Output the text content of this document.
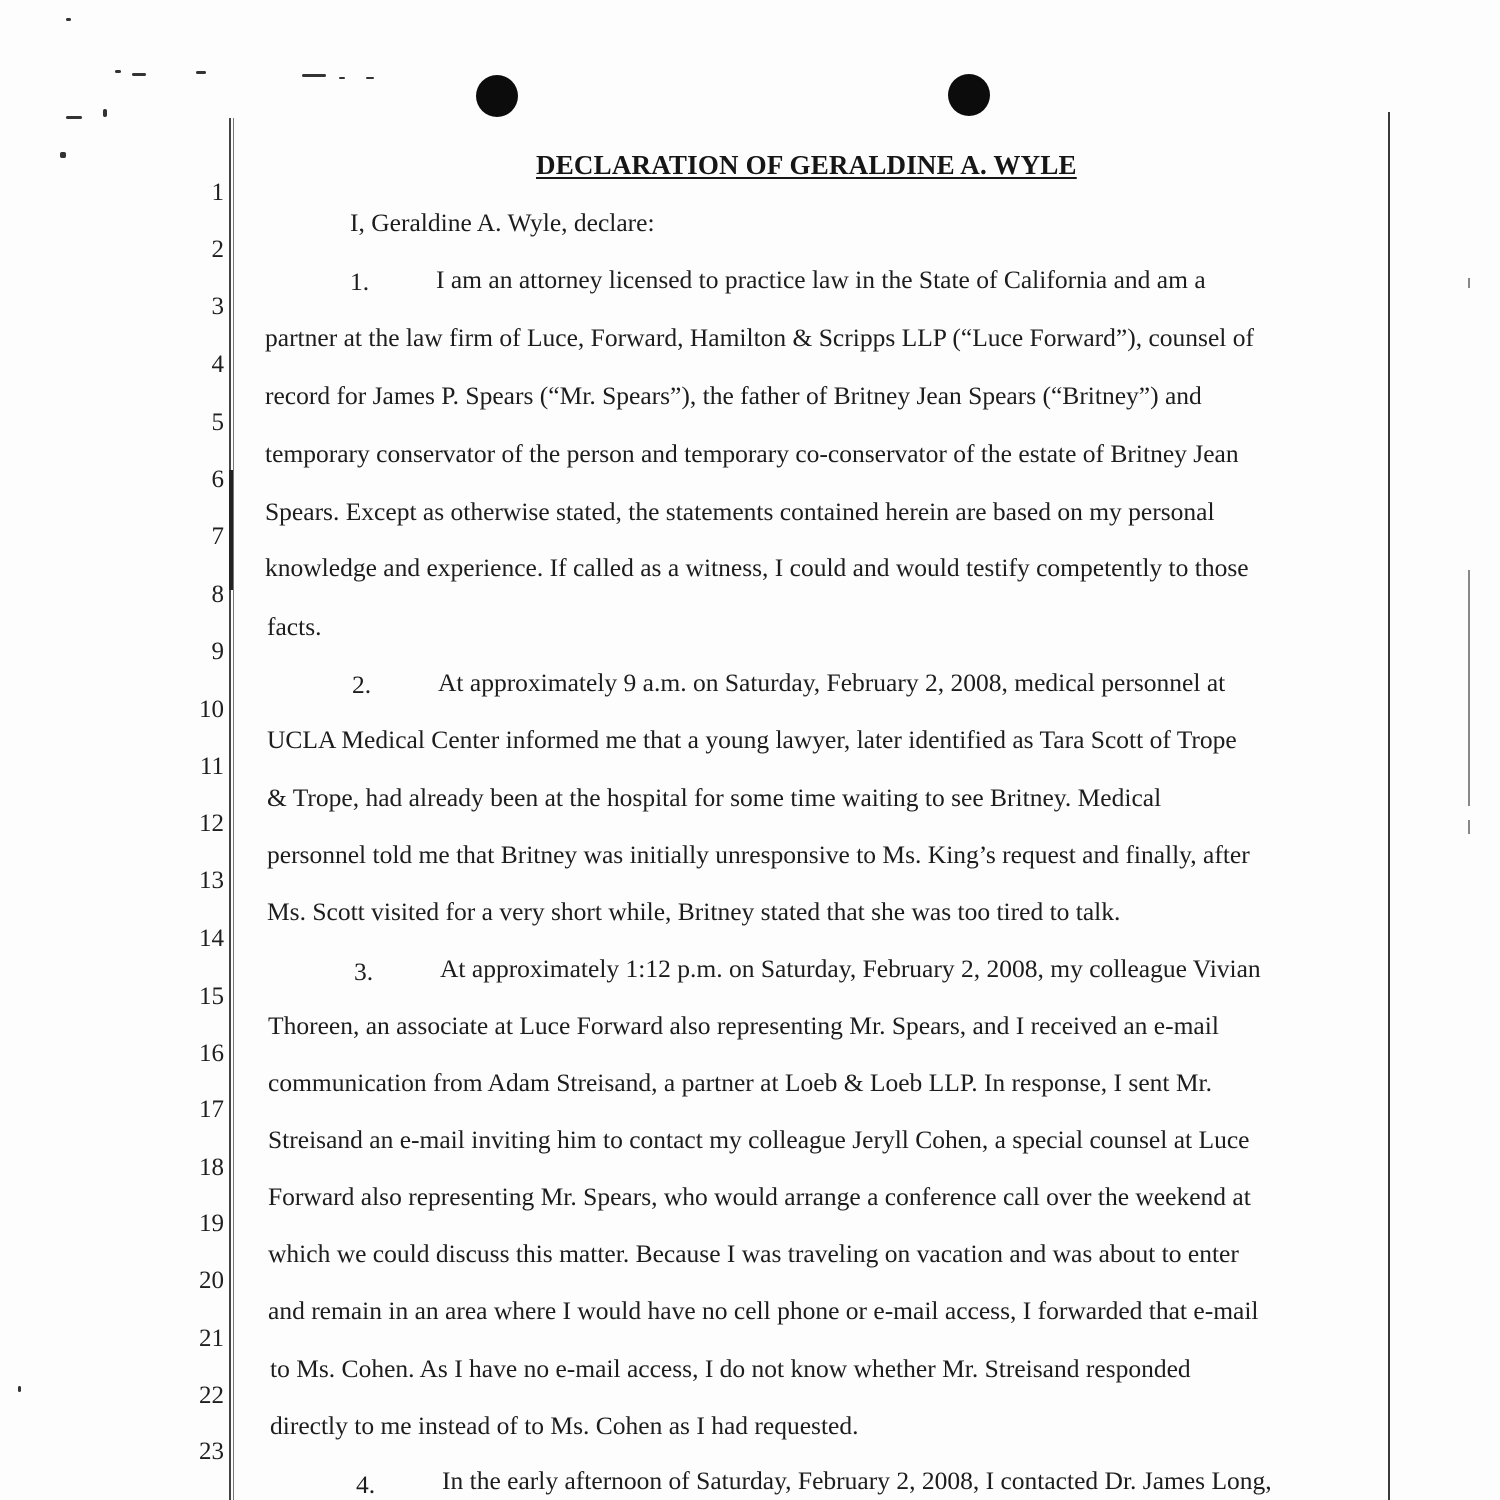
1
2
3
4
5
6
7
8
9
10
11
12
13
14
15
16
17
18
19
20
21
22
23
DECLARATION OF GERALDINE A. WYLE

I, Geraldine A. Wyle, declare:

1.	I am an attorney licensed to practice law in the State of California and am a

partner at the law firm of Luce, Forward, Hamilton & Scripps LLP (“Luce Forward”), counsel of

record for James P. Spears (“Mr. Spears”), the father of Britney Jean Spears (“Britney”) and

temporary conservator of the person and temporary co-conservator of the estate of Britney Jean

Spears. Except as otherwise stated, the statements contained herein are based on my personal

knowledge and experience. If called as a witness, I could and would testify competently to those

facts.

2.	At approximately 9 a.m. on Saturday, February 2, 2008, medical personnel at

UCLA Medical Center informed me that a young lawyer, later identified as Tara Scott of Trope

& Trope, had already been at the hospital for some time waiting to see Britney. Medical

personnel told me that Britney was initially unresponsive to Ms. King’s request and finally, after

Ms. Scott visited for a very short while, Britney stated that she was too tired to talk.

3.	At approximately 1:12 p.m. on Saturday, February 2, 2008, my colleague Vivian

Thoreen, an associate at Luce Forward also representing Mr. Spears, and I received an e-mail

communication from Adam Streisand, a partner at Loeb & Loeb LLP. In response, I sent Mr.

Streisand an e-mail inviting him to contact my colleague Jeryll Cohen, a special counsel at Luce

Forward also representing Mr. Spears, who would arrange a conference call over the weekend at

which we could discuss this matter. Because I was traveling on vacation and was about to enter

and remain in an area where I would have no cell phone or e-mail access, I forwarded that e-mail

to Ms. Cohen. As I have no e-mail access, I do not know whether Mr. Streisand responded

directly to me instead of to Ms. Cohen as I had requested.

4.	In the early afternoon of Saturday, February 2, 2008, I contacted Dr. James Long,
